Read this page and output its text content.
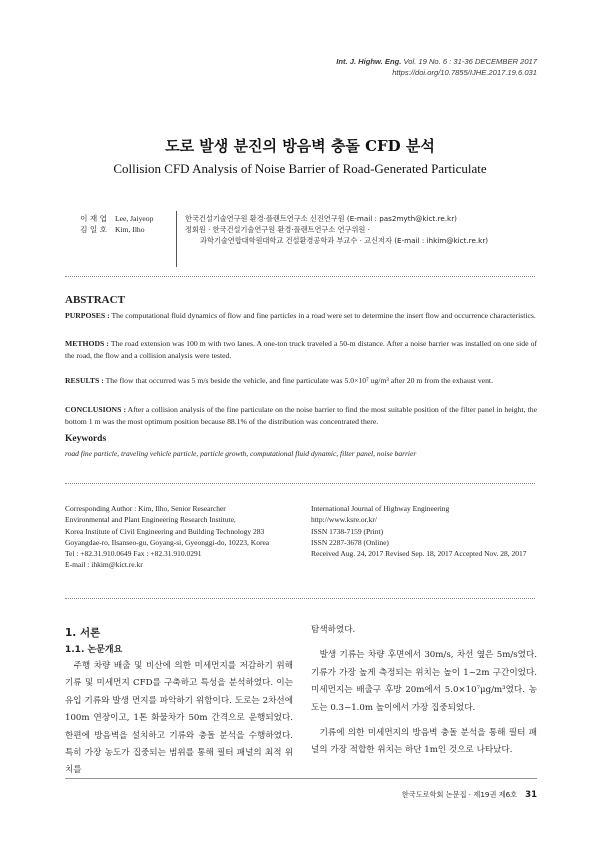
Int. J. Highw. Eng. Vol. 19 No. 6 : 31-36 DECEMBER 2017
https://doi.org/10.7855/IJHE.2017.19.6.031
도로 발생 분진의 방음벽 충돌 CFD 분석
Collision CFD Analysis of Noise Barrier of Road-Generated Particulate
이 재 엽	Lee, Jaiyeop
김 일 호	Kim, Ilho
한국건설기술연구원 환경·플랜트연구소 신진연구원 (E-mail : pas2myth@kict.re.kr)
정회원 · 한국건설기술연구원 환경·플랜트연구소 연구위원 ·
과학기술연합대학원대학교 건설환경공학과 부교수 · 교신저자 (E-mail : ihkim@kict.re.kr)
ABSTRACT
PURPOSES : The computational fluid dynamics of flow and fine particles in a road were set to determine the insert flow and occurrence characteristics.
METHODS : The road extension was 100 m with two lanes. A one-ton truck traveled a 50-m distance. After a noise barrier was installed on one side of the road, the flow and a collision analysis were tested.
RESULTS : The flow that occurred was 5 m/s beside the vehicle, and fine particulate was 5.0×10⁷ ug/m³ after 20 m from the exhaust vent.
CONCLUSIONS : After a collision analysis of the fine particulate on the noise barrier to find the most suitable position of the filter panel in height, the bottom 1 m was the most optimum position because 88.1% of the distribution was concentrated there.
Keywords
road fine particle, traveling vehicle particle, particle growth, computational fluid dynamic, filter panel, noise barrier
Corresponding Author : Kim, Ilho, Senior Researcher
Environmental and Plant Engineering Research Institute,
Korea Institute of Civil Engineering and Building Technology 283
Goyangdae-ro, Ilsanseo-gu, Goyang-si, Gyeonggi-do, 10223, Korea
Tel : +82.31.910.0649 Fax : +82.31.910.0291
E-mail : ihkim@kict.re.kr
International Journal of Highway Engineering
http://www.ksre.or.kr/
ISSN 1738-7159 (Print)
ISSN 2287-3678 (Online)
Received Aug. 24, 2017 Revised Sep. 18, 2017 Accepted Nov. 28, 2017
1. 서론
1.1. 논문개요

주행 차량 배출 및 비산에 의한 미세먼지를 저감하기 위해 기류 및 미세먼지 CFD를 구축하고 특성을 분석하였다. 이는 유입 기류와 발생 먼지를 파악하기 위함이다. 도로는 2차선에 100m 연장이고, 1톤 화물차가 50m 간격으로 운행되었다. 한편에 방음벽을 설치하고 기류와 충돌 분석을 수행하였다. 특히 가장 농도가 집중되는 범위를 통해 필터 패널의 최적 위치를

탐색하였다.

발생 기류는 차량 후면에서 30m/s, 차선 옆은 5m/s였다. 기류가 가장 높게 측정되는 위치는 높이 1~2m 구간이었다. 미세먼지는 배출구 후방 20m에서 5.0×10⁷μg/m³였다. 농도는 0.3~1.0m 높이에서 가장 집중되었다.

기류에 의한 미세먼지의 방음벽 충돌 분석을 통해 필터 패널의 가장 적합한 위치는 하단 1m인 것으로 나타났다.

한국도로학회 논문집 · 제19권 제6호 31
